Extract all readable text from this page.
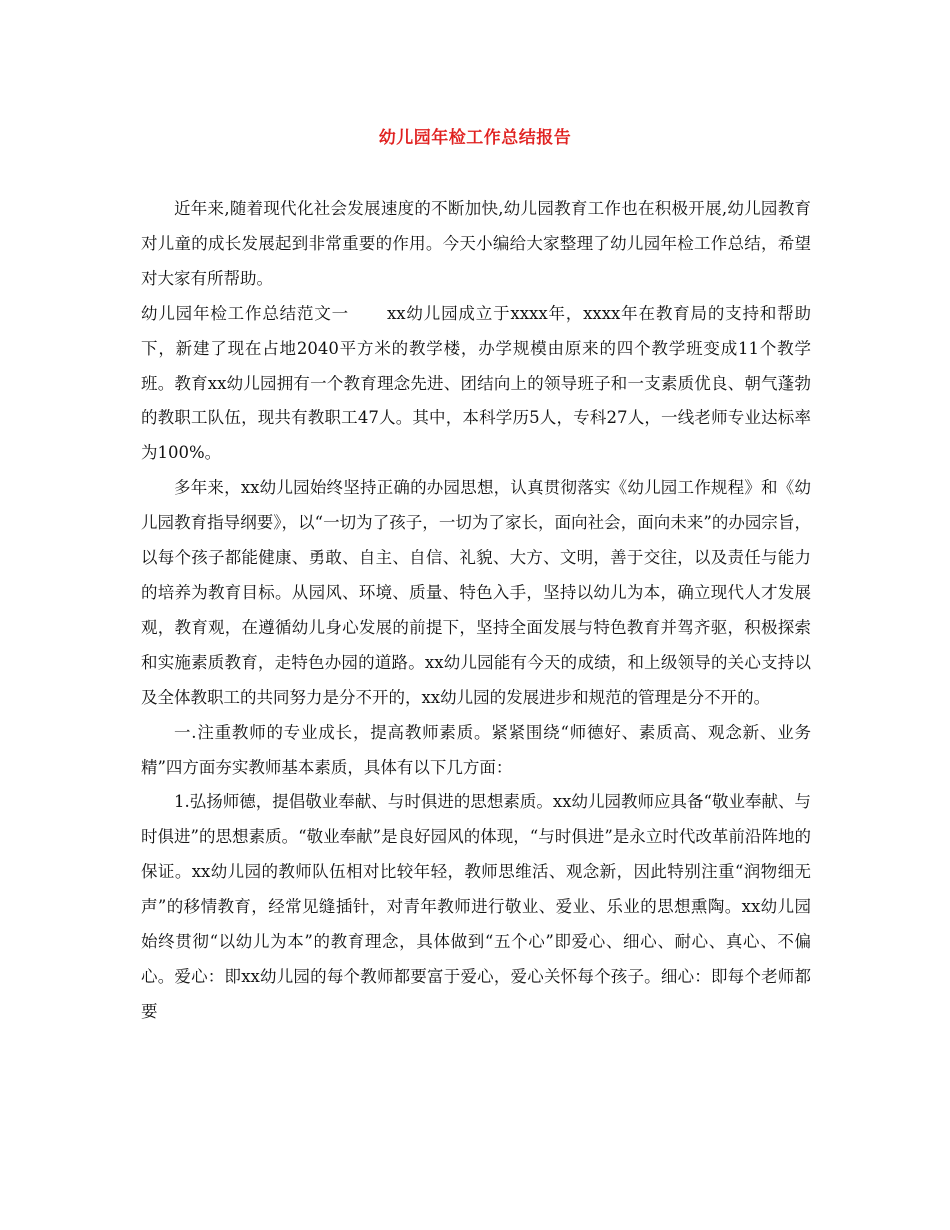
幼儿园年检工作总结报告

近年来,随着现代化社会发展速度的不断加快,幼儿园教育工作也在积极开展,幼儿园教育对儿童的成长发展起到非常重要的作用。今天小编给大家整理了幼儿园年检工作总结，希望对大家有所帮助。

幼儿园年检工作总结范文一 xx幼儿园成立于xxxx年，xxxx年在教育局的支持和帮助下，新建了现在占地2040平方米的教学楼，办学规模由原来的四个教学班变成11个教学班。教育xx幼儿园拥有一个教育理念先进、团结向上的领导班子和一支素质优良、朝气蓬勃的教职工队伍，现共有教职工47人。其中，本科学历5人，专科27人，一线老师专业达标率为100%。

多年来，xx幼儿园始终坚持正确的办园思想，认真贯彻落实《幼儿园工作规程》和《幼儿园教育指导纲要》，以“一切为了孩子，一切为了家长，面向社会，面向未来”的办园宗旨，以每个孩子都能健康、勇敢、自主、自信、礼貌、大方、文明，善于交往，以及责任与能力的培养为教育目标。从园风、环境、质量、特色入手，坚持以幼儿为本，确立现代人才发展观，教育观，在遵循幼儿身心发展的前提下，坚持全面发展与特色教育并驾齐驱，积极探索和实施素质教育，走特色办园的道路。xx幼儿园能有今天的成绩，和上级领导的关心支持以及全体教职工的共同努力是分不开的，xx幼儿园的发展进步和规范的管理是分不开的。

一.注重教师的专业成长，提高教师素质。紧紧围绕“师德好、素质高、观念新、业务精”四方面夯实教师基本素质，具体有以下几方面：

1.弘扬师德，提倡敬业奉献、与时俱进的思想素质。xx幼儿园教师应具备“敬业奉献、与时俱进”的思想素质。“敬业奉献”是良好园风的体现，“与时俱进”是永立时代改革前沿阵地的保证。xx幼儿园的教师队伍相对比较年轻，教师思维活、观念新，因此特别注重“润物细无声”的移情教育，经常见缝插针，对青年教师进行敬业、爱业、乐业的思想熏陶。xx幼儿园始终贯彻“以幼儿为本”的教育理念，具体做到“五个心”即爱心、细心、耐心、真心、不偏心。爱心：即xx幼儿园的每个教师都要富于爱心，爱心关怀每个孩子。细心：即每个老师都要
